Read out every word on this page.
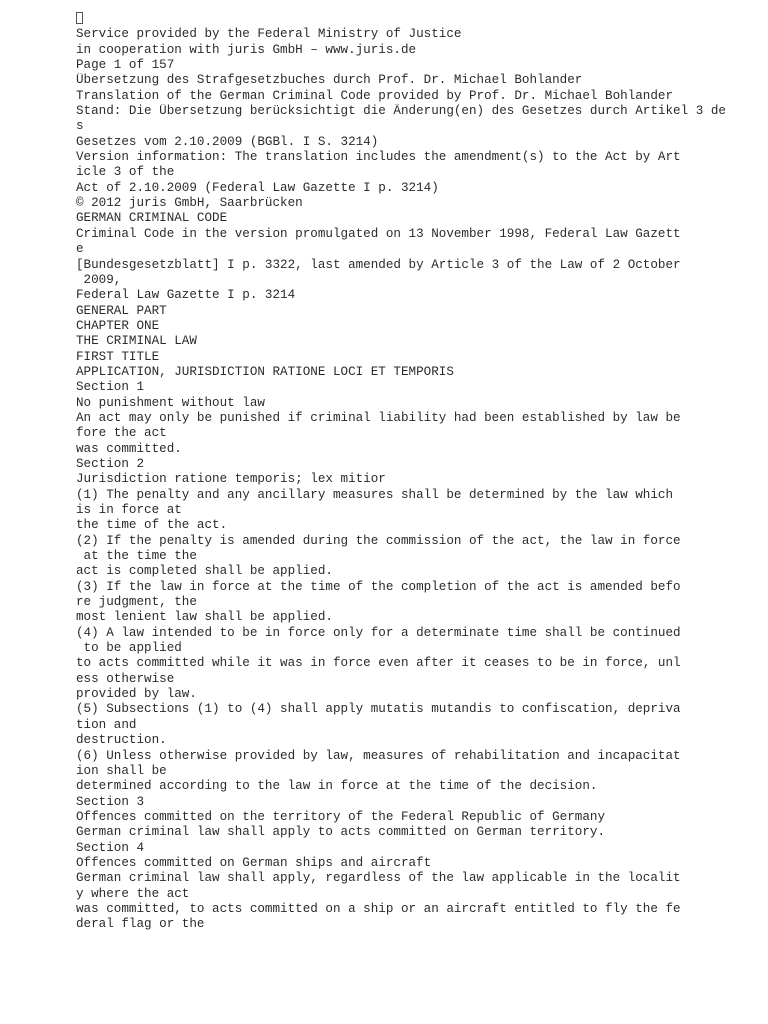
Service provided by the Federal Ministry of Justice
in cooperation with juris GmbH – www.juris.de
Page 1 of 157
Übersetzung des Strafgesetzbuches durch Prof. Dr. Michael Bohlander
Translation of the German Criminal Code provided by Prof. Dr. Michael Bohlander
Stand: Die Übersetzung berücksichtigt die Änderung(en) des Gesetzes durch Artikel 3 de
s
Gesetzes vom 2.10.2009 (BGBl. I S. 3214)
Version information: The translation includes the amendment(s) to the Act by Art
icle 3 of the
Act of 2.10.2009 (Federal Law Gazette I p. 3214)
© 2012 juris GmbH, Saarbrücken
GERMAN CRIMINAL CODE
Criminal Code in the version promulgated on 13 November 1998, Federal Law Gazett
e
[Bundesgesetzblatt] I p. 3322, last amended by Article 3 of the Law of 2 October
2009,
Federal Law Gazette I p. 3214
GENERAL PART
CHAPTER ONE
THE CRIMINAL LAW
FIRST TITLE
APPLICATION, JURISDICTION RATIONE LOCI ET TEMPORIS
Section 1
No punishment without law
An act may only be punished if criminal liability had been established by law be
fore the act
was committed.
Section 2
Jurisdiction ratione temporis; lex mitior
(1) The penalty and any ancillary measures shall be determined by the law which
is in force at
the time of the act.
(2) If the penalty is amended during the commission of the act, the law in force
at the time the
act is completed shall be applied.
(3) If the law in force at the time of the completion of the act is amended befo
re judgment, the
most lenient law shall be applied.
(4) A law intended to be in force only for a determinate time shall be continued
to be applied
to acts committed while it was in force even after it ceases to be in force, unl
ess otherwise
provided by law.
(5) Subsections (1) to (4) shall apply mutatis mutandis to confiscation, depriva
tion and
destruction.
(6) Unless otherwise provided by law, measures of rehabilitation and incapacitat
ion shall be
determined according to the law in force at the time of the decision.
Section 3
Offences committed on the territory of the Federal Republic of Germany
German criminal law shall apply to acts committed on German territory.
Section 4
Offences committed on German ships and aircraft
German criminal law shall apply, regardless of the law applicable in the localit
y where the act
was committed, to acts committed on a ship or an aircraft entitled to fly the fe
deral flag or the
